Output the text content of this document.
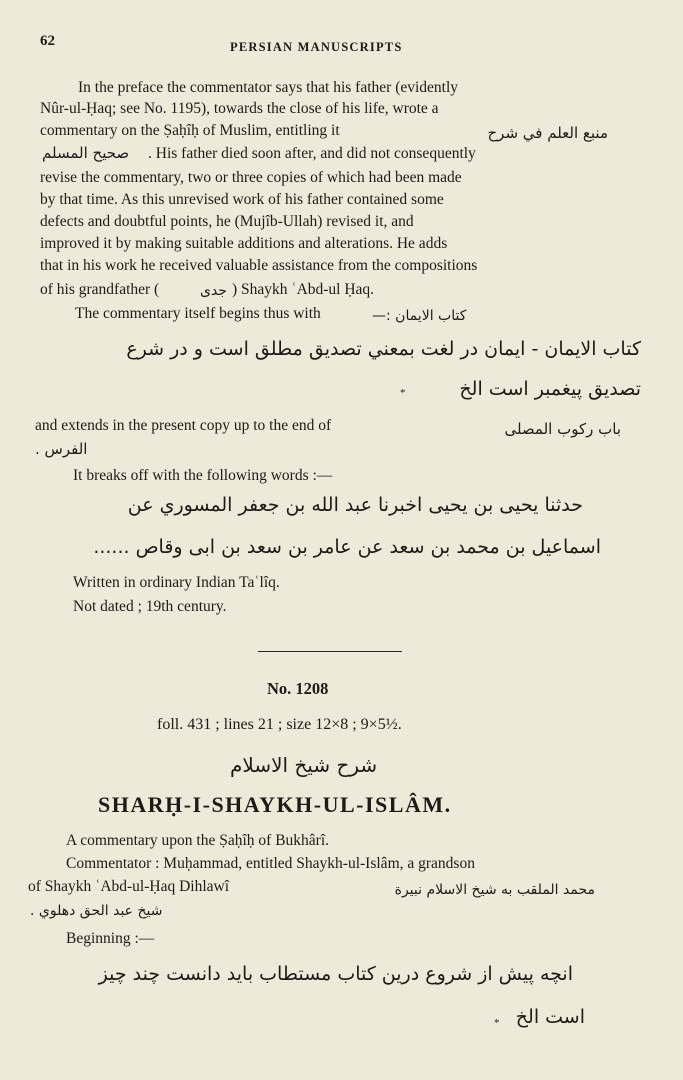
62	PERSIAN MANUSCRIPTS
In the preface the commentator says that his father (evidently
Nûr-ul-Ḥaq; see No. 1195), towards the close of his life, wrote a
commentary on the Ṣaḥîḥ of Muslim, entitling it	منبع العلم في شرح
صحيح المسلم . His father died soon after, and did not consequently
revise the commentary, two or three copies of which had been made
by that time. As this unrevised work of his father contained some
defects and doubtful points, he (Mujîb-Ullah) revised it, and
improved it by making suitable additions and alterations. He adds
that in his work he received valuable assistance from the compositions
of his grandfather (	جدی ) Shaykh ʿAbd-ul Ḥaq.
The commentary itself begins thus with	كتاب الايمان :—
كتاب الايمان - ايمان در لغت بمعني تصديق مطلق است و در شرع
تصديق پيغمبر است الخ
*
and extends in the present copy up to the end of	باب ركوب المصلى
الفرس .
It breaks off with the following words :—
حدثنا يحيى بن يحيى اخبرنا عبد الله بن جعفر المسوري عن
اسماعيل بن محمد بن سعد عن عامر بن سعد بن ابى وقاص ......
Written in ordinary Indian Taʿlîq.
Not dated ; 19th century.
No. 1208
foll. 431 ; lines 21 ; size 12×8 ; 9×5½.
شرح شيخ الاسلام
SHARḤ-I-SHAYKH-UL-ISLÂM.
A commentary upon the Ṣaḥîḥ of Bukhârî.
Commentator : Muḥammad, entitled Shaykh-ul-Islâm, a grandson
of Shaykh ʿAbd-ul-Ḥaq Dihlawî	محمد الملقب به شيخ الاسلام نبيرة
شيخ عبد الحق دهلوي .
Beginning :—
انچه پيش از شروع درين كتاب مستطاب بايد دانست چند چيز
است الخ
*
